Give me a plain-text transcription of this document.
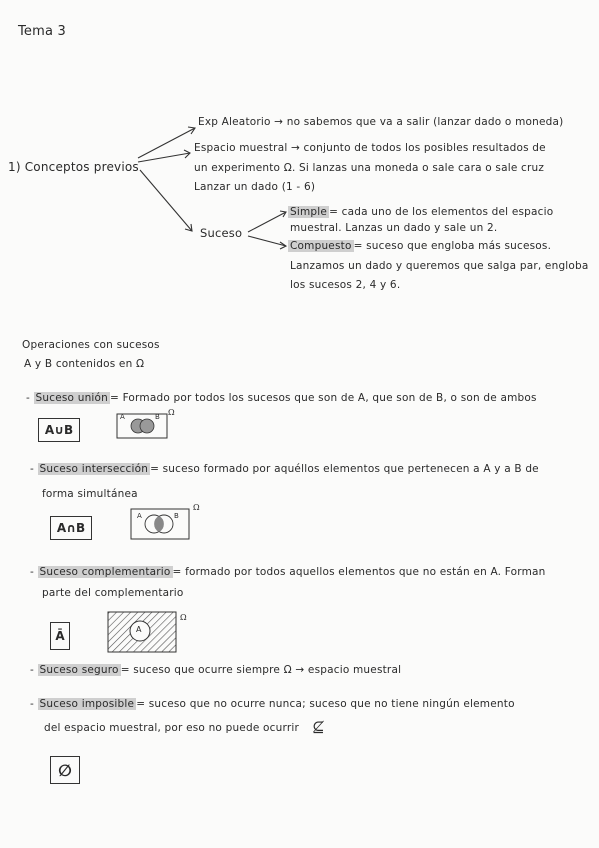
Tema 3
1) Conceptos previos
Exp Aleatorio → no sabemos que va a salir (lanzar dado o moneda)
Espacio muestral → conjunto de todos los posibles resultados de
un experimento Ω. Si lanzas una moneda o sale cara o sale cruz
Lanzar un dado (1 - 6)
Suceso
Simple = cada uno de los elementos del espacio
muestral. Lanzas un dado y sale un 2.
Compuesto = suceso que engloba más sucesos.
Lanzamos un dado y queremos que salga par, engloba
los sucesos 2, 4 y 6.
Operaciones con sucesos
A y B contenidos en Ω
- Suceso unión = Formado por todos los sucesos que son de A, que son de B, o son de ambos
A∪B
A	B Ω
- Suceso intersección = suceso formado por aquéllos elementos que pertenecen a A y a B de
forma simultánea
A∩B
A	B
Ω
- Suceso complementario = formado por todos aquellos elementos que no están en A. Forman
parte del complementario
Ā	A
Ω
- Suceso seguro = suceso que ocurre siempre Ω → espacio muestral
- Suceso imposible = suceso que no ocurre nunca; suceso que no tiene ningún elemento
del espacio muestral, por eso no puede ocurrir ⊈
∅
